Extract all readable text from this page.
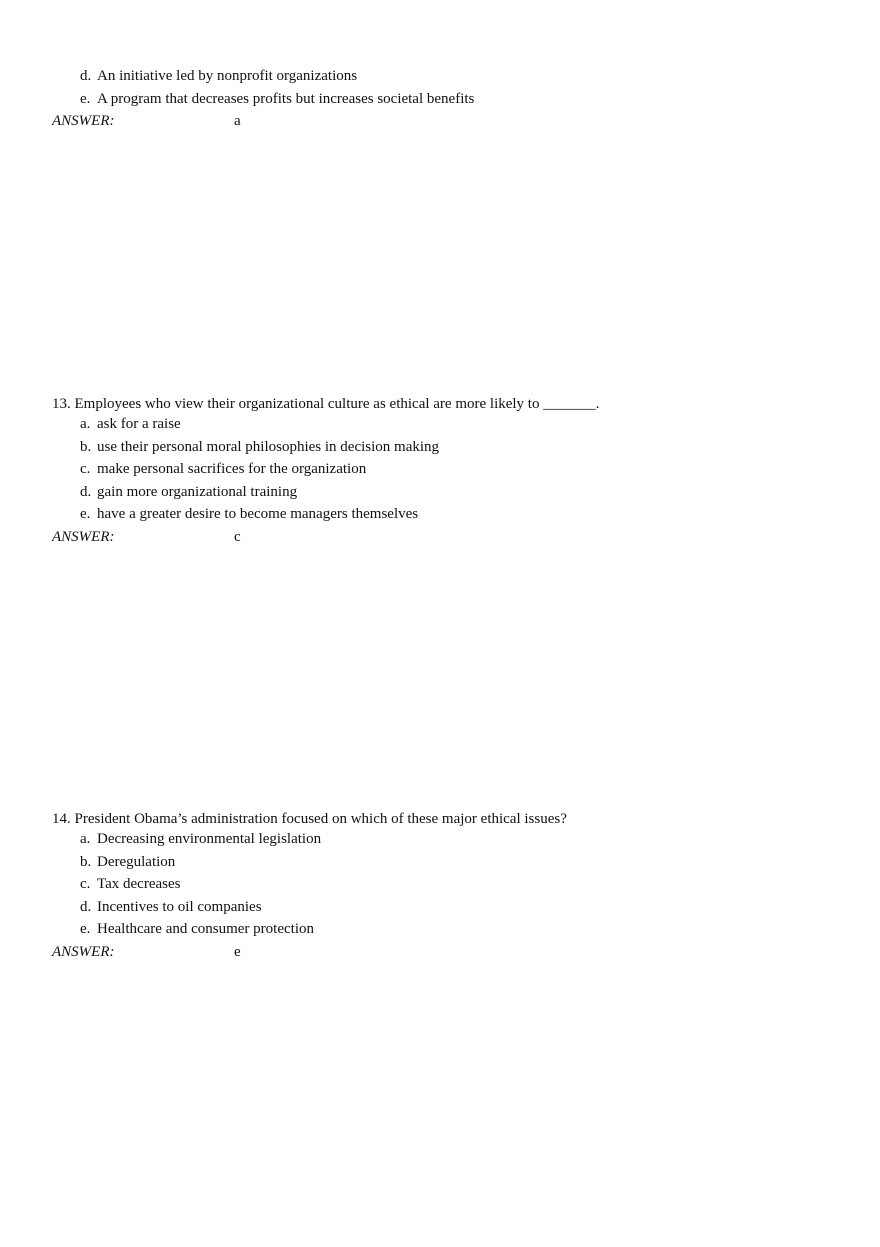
d. An initiative led by nonprofit organizations
e. A program that decreases profits but increases societal benefits
ANSWER:	a
13. Employees who view their organizational culture as ethical are more likely to _______.
a. ask for a raise
b. use their personal moral philosophies in decision making
c. make personal sacrifices for the organization
d. gain more organizational training
e. have a greater desire to become managers themselves
ANSWER:	c
14. President Obama’s administration focused on which of these major ethical issues?
a. Decreasing environmental legislation
b. Deregulation
c. Tax decreases
d. Incentives to oil companies
e. Healthcare and consumer protection
ANSWER:	e
